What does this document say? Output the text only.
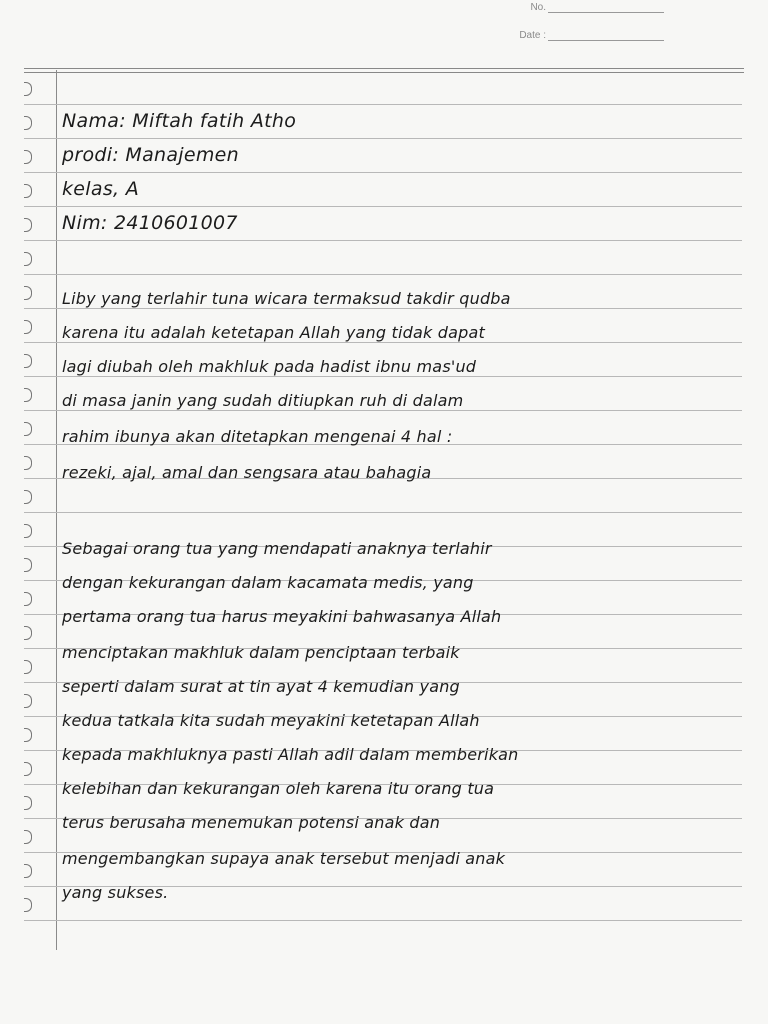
No.
Date :
Nama: Miftah fatih Atho
prodi: Manajemen
kelas, A
Nim: 2410601007
Liby yang terlahir tuna wicara termaksud takdir qudba
karena itu adalah ketetapan Allah yang tidak dapat
lagi diubah oleh makhluk pada hadist ibnu mas'ud
di masa janin yang sudah ditiupkan ruh di dalam
rahim ibunya akan ditetapkan mengenai 4 hal :
rezeki, ajal, amal dan sengsara atau bahagia
Sebagai orang tua yang mendapati anaknya terlahir
dengan kekurangan dalam kacamata medis, yang
pertama orang tua harus meyakini bahwasanya Allah
menciptakan makhluk dalam penciptaan terbaik
seperti dalam surat at tin ayat 4 kemudian yang
kedua tatkala kita sudah meyakini ketetapan Allah
kepada makhluknya pasti Allah adil dalam memberikan
kelebihan dan kekurangan oleh karena itu orang tua
terus berusaha menemukan potensi anak dan
mengembangkan supaya anak tersebut menjadi anak
yang sukses.
